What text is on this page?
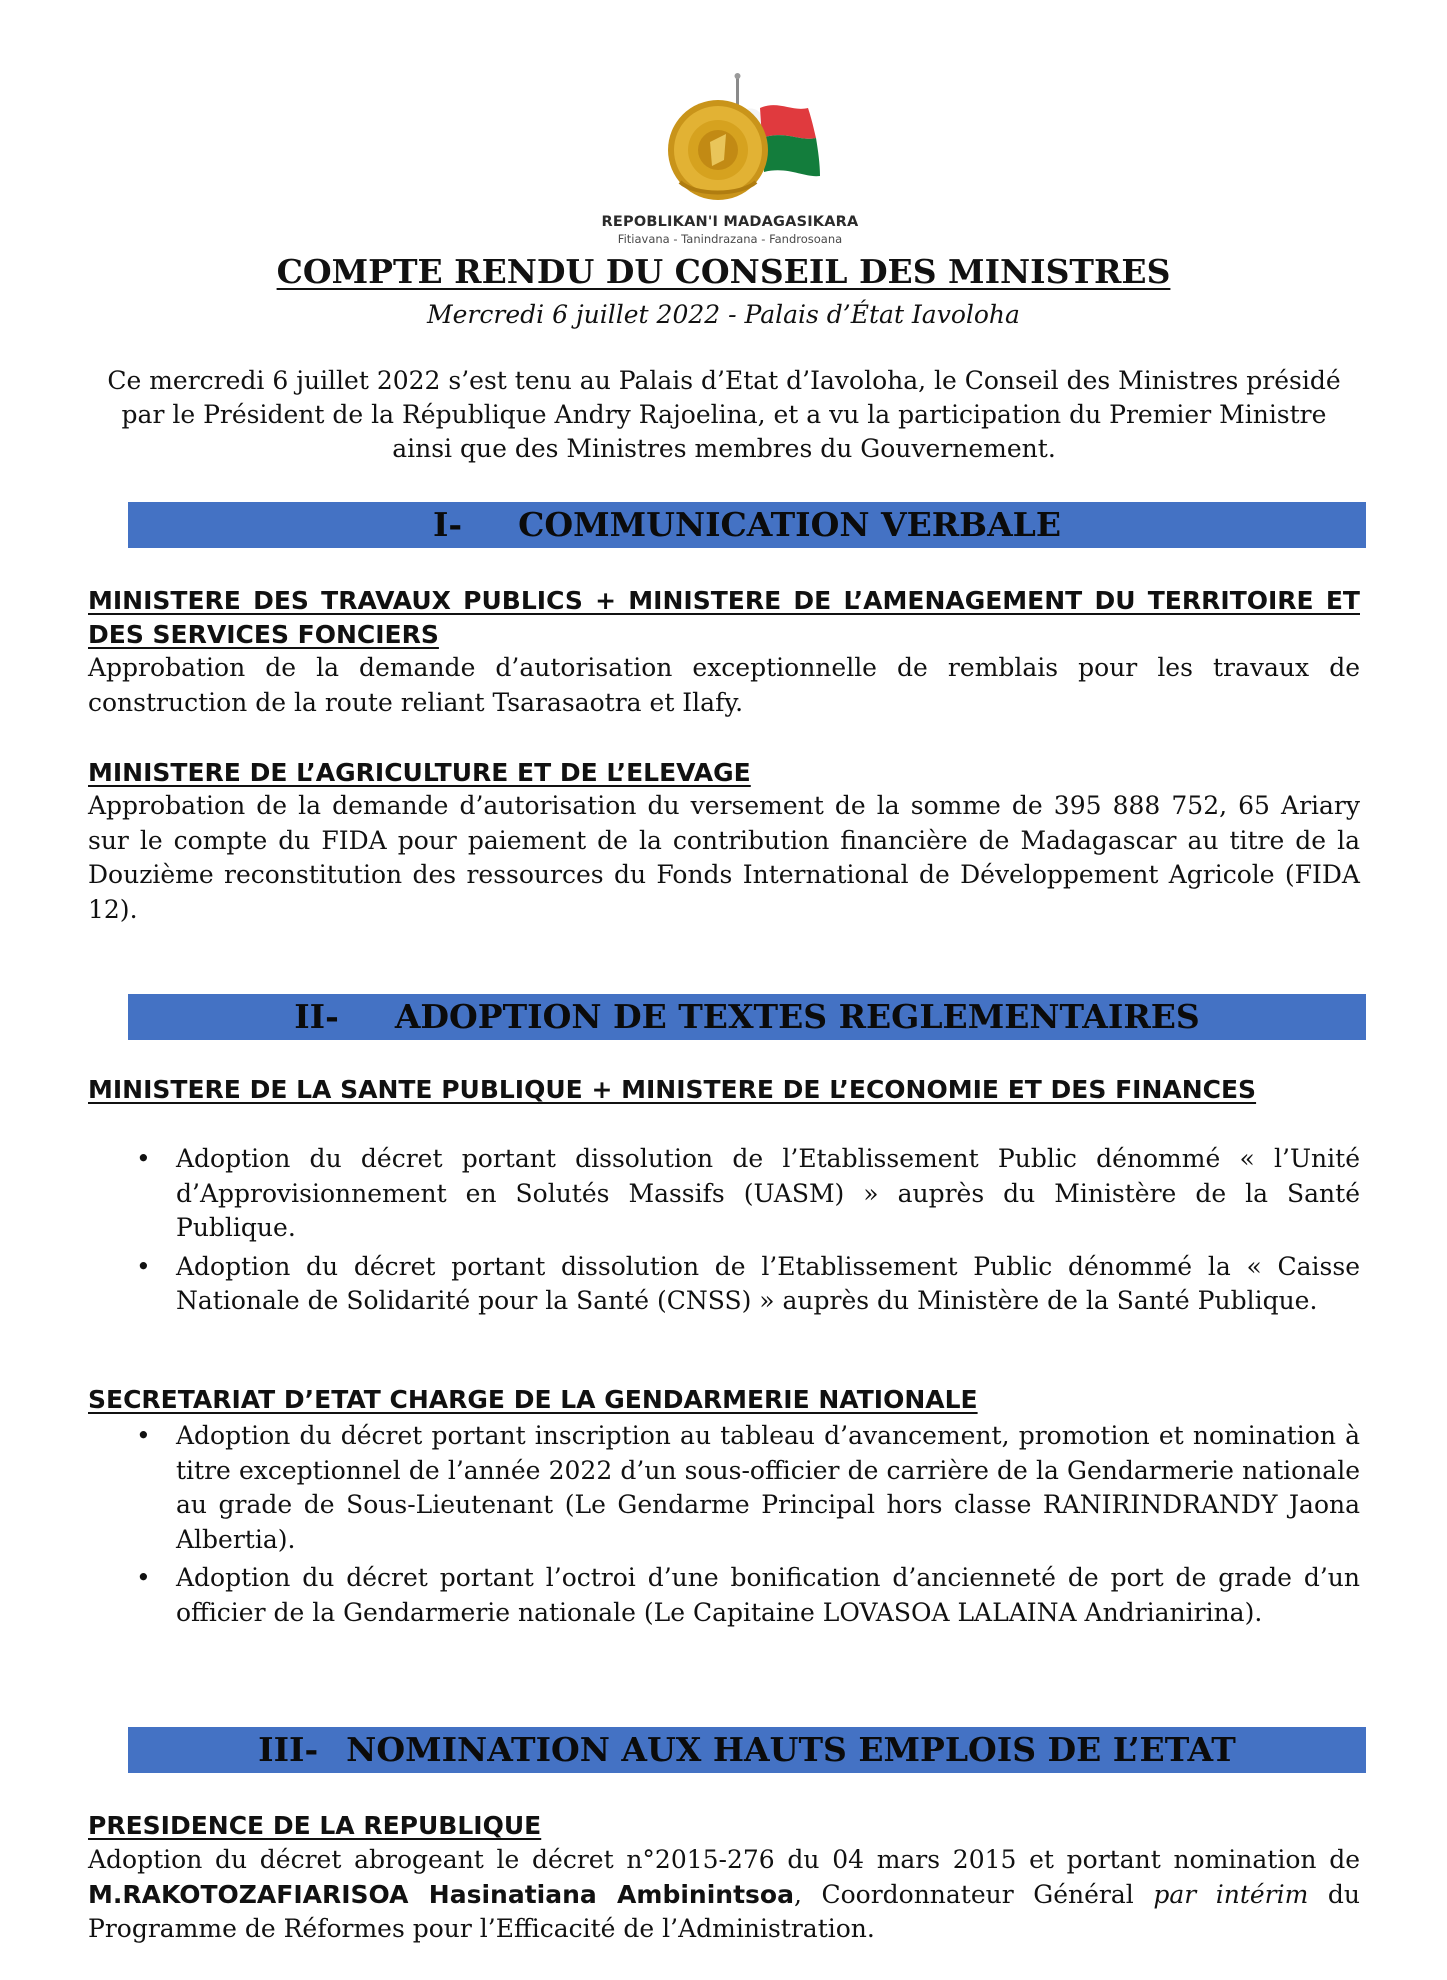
REPOBLIKAN'I MADAGASIKARA
Fitiavana - Tanindrazana - Fandrosoana
COMPTE RENDU DU CONSEIL DES MINISTRES
Mercredi 6 juillet 2022 - Palais d’État Iavoloha

Ce mercredi 6 juillet 2022 s’est tenu au Palais d’Etat d’Iavoloha, le Conseil des Ministres présidé par le Président de la République Andry Rajoelina, et a vu la participation du Premier Ministre ainsi que des Ministres membres du Gouvernement.

I- COMMUNICATION VERBALE

MINISTERE DES TRAVAUX PUBLICS + MINISTERE DE L’AMENAGEMENT DU TERRITOIRE ET DES SERVICES FONCIERS

Approbation de la demande d’autorisation exceptionnelle de remblais pour les travaux de construction de la route reliant Tsarasaotra et Ilafy.

MINISTERE DE L’AGRICULTURE ET DE L’ELEVAGE

Approbation de la demande d’autorisation du versement de la somme de 395 888 752, 65 Ariary sur le compte du FIDA pour paiement de la contribution financière de Madagascar au titre de la Douzième reconstitution des ressources du Fonds International de Développement Agricole (FIDA 12).

II- ADOPTION DE TEXTES REGLEMENTAIRES

MINISTERE DE LA SANTE PUBLIQUE + MINISTERE DE L’ECONOMIE ET DES FINANCES

• Adoption du décret portant dissolution de l’Etablissement Public dénommé « l’Unité d’Approvisionnement en Solutés Massifs (UASM) » auprès du Ministère de la Santé Publique.
• Adoption du décret portant dissolution de l’Etablissement Public dénommé la « Caisse Nationale de Solidarité pour la Santé (CNSS) » auprès du Ministère de la Santé Publique.

SECRETARIAT D’ETAT CHARGE DE LA GENDARMERIE NATIONALE

• Adoption du décret portant inscription au tableau d’avancement, promotion et nomination à titre exceptionnel de l’année 2022 d’un sous-officier de carrière de la Gendarmerie nationale au grade de Sous-Lieutenant (Le Gendarme Principal hors classe RANIRINDRANDY Jaona Albertia).
• Adoption du décret portant l’octroi d’une bonification d’ancienneté de port de grade d’un officier de la Gendarmerie nationale (Le Capitaine LOVASOA LALAINA Andrianirina).
III- NOMINATION AUX HAUTS EMPLOIS DE L’ETAT

PRESIDENCE DE LA REPUBLIQUE

Adoption du décret abrogeant le décret n°2015-276 du 04 mars 2015 et portant nomination de M.RAKOTOZAFIARISOA Hasinatiana Ambinintsoa, Coordonnateur Général par intérim du Programme de Réformes pour l’Efficacité de l’Administration.
